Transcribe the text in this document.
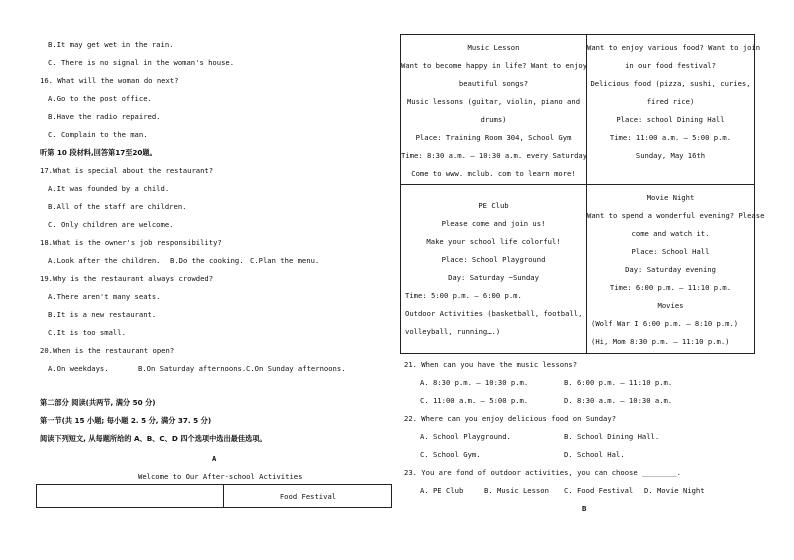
B.It may get wet in the rain.
C. There is no signal in the woman's house.
16. What will the woman do next?
A.Go to the post office.
B.Have the radio repaired.
C. Complain to the man.
听第 10 段材料,回答第17至20题。
17.What is special about the restaurant?
A.It was founded by a child.
B.All of the staff are children.
C. Only children are welcome.
18.What is the owner's job responsibility?
A.Look after the children. B.Do the cooking. C.Plan the menu.
19.Why is the restaurant always crowded?
A.There aren't many seats.
B.It is a new restaurant.
C.It is too small.
20.When is the restaurant open?
A.On weekdays.	B.On Saturday afternoons. C.On Sunday afternoons.
第二部分 阅读(共两节, 满分 50 分)
第一节(共 15 小题; 每小题 2. 5 分, 满分 37. 5 分)
阅读下列短文, 从每题所给的 A、B、C、D 四个选项中选出最佳选项。
A
Welcome to Our After-school Activities
Food Festival
Music Lesson
Want to become happy in life? Want to enjoy
beautiful songs?
Music lessons (guitar, violin, piano and
drums)
Place: Training Room 304, School Gym
Time: 8:30 a.m. — 10:30 a.m. every Saturday
Come to www. mclub. com to learn more!
Want to enjoy various food? Want to join
in our food festival?
Delicious food (pizza, sushi, curies,
fired rice)
Place: school Dining Hall
Time: 11:00 a.m. — 5:00 p.m.
Sunday, May 16th
PE Club
Please come and join us!
Make your school life colorful!
Place: School Playground
Day: Saturday ~Sunday
Time: 5:00 p.m. — 6:00 p.m.
Outdoor Activities (basketball, football,
volleyball, running….)
Movie Night
Want to spend a wonderful evening? Please
come and watch it.
Place: School Hall
Day: Saturday evening
Time: 6:00 p.m. — 11:10 p.m.
Movies
(Wolf War I 6:00 p.m. — 8:10 p.m.)
(Hi, Mom 8:30 p.m. — 11:10 p.m.)
21. When can you have the music lessons?
A. 8:30 p.m. — 10:30 p.m.	B. 6:00 p.m. — 11:10 p.m.
C. 11:00 a.m. — 5:00 p.m.	D. 8:30 a.m. — 10:30 a.m.
22. Where can you enjoy delicious food on Sunday?
A. School Playground.	B. School Dining Hall.
C. School Gym.	D. School Hal.
23. You are fond of outdoor activities, you can choose ________.
A. PE Club	B. Music Lesson C. Food Festival D. Movie Night
B
